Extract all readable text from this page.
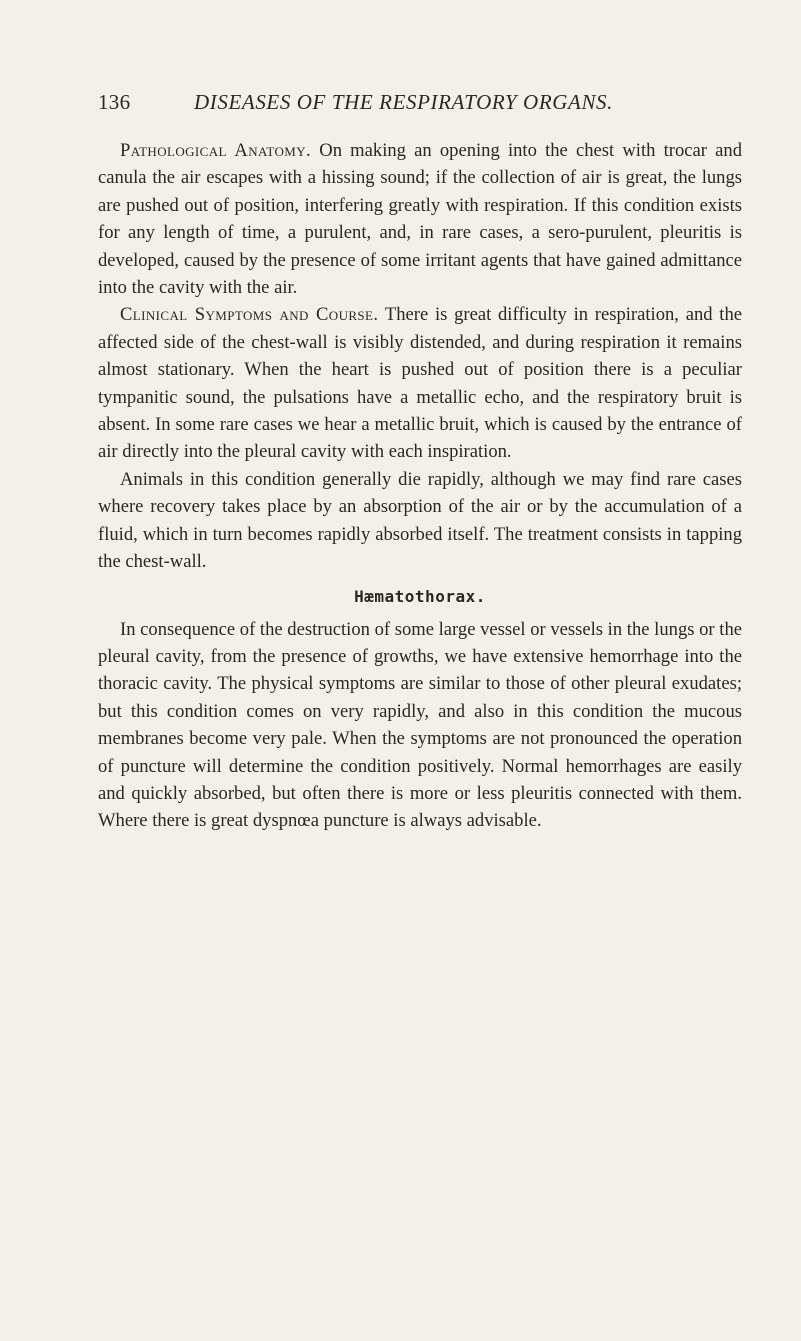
136	DISEASES OF THE RESPIRATORY ORGANS.

Pathological Anatomy. On making an opening into the chest with trocar and canula the air escapes with a hissing sound; if the collection of air is great, the lungs are pushed out of position, interfering greatly with respiration. If this condition exists for any length of time, a purulent, and, in rare cases, a sero-purulent, pleuritis is developed, caused by the presence of some irritant agents that have gained admittance into the cavity with the air.

Clinical Symptoms and Course. There is great difficulty in respiration, and the affected side of the chest-wall is visibly distended, and during respiration it remains almost stationary. When the heart is pushed out of position there is a peculiar tympanitic sound, the pulsations have a metallic echo, and the respiratory bruit is absent. In some rare cases we hear a metallic bruit, which is caused by the entrance of air directly into the pleural cavity with each inspiration.

Animals in this condition generally die rapidly, although we may find rare cases where recovery takes place by an absorption of the air or by the accumulation of a fluid, which in turn becomes rapidly absorbed itself. The treatment consists in tapping the chest-wall.

Hæmatothorax.

In consequence of the destruction of some large vessel or vessels in the lungs or the pleural cavity, from the presence of growths, we have extensive hemorrhage into the thoracic cavity. The physical symptoms are similar to those of other pleural exudates; but this condition comes on very rapidly, and also in this condition the mucous membranes become very pale. When the symptoms are not pronounced the operation of puncture will determine the condition positively. Normal hemorrhages are easily and quickly absorbed, but often there is more or less pleuritis connected with them. Where there is great dyspnœa puncture is always advisable.
